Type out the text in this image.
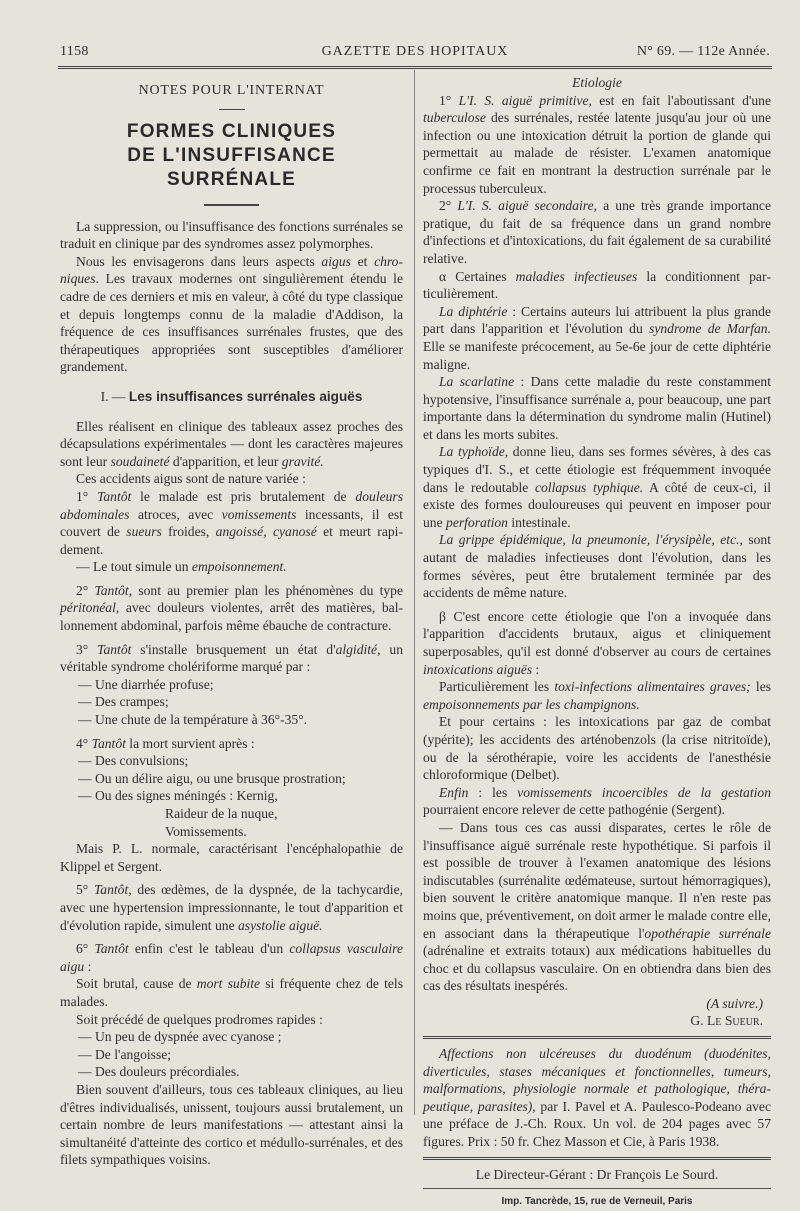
1158	GAZETTE DES HOPITAUX	N° 69. — 112e Année.
NOTES POUR L'INTERNAT
FORMES CLINIQUES
DE L'INSUFFISANCE SURRÉNALE

La suppression, ou l'insuffisance des fonctions surrénales se traduit en clinique par des syndromes assez polymorphes.

Nous les envisagerons dans leurs aspects aigus et chroniques. Les travaux modernes ont singulièrement étendu le cadre de ces derniers et mis en valeur, à côté du type classique et depuis longtemps connu de la maladie d'Addison, la fréquence de ces insuffisances surrénales frustes, que des thérapeutiques appropriées sont susceptibles d'améliorer grandement.

I. — Les insuffisances surrénales aiguës

Elles réalisent en clinique des tableaux assez proches des décapsulations expérimentales — dont les caractères majeures sont leur soudaineté d'apparition, et leur gravité.

Ces accidents aigus sont de nature variée :

1° Tantôt le malade est pris brutalement de douleurs abdominales atroces, avec vomissements incessants, il est couvert de sueurs froides, angoissé, cyanosé et meurt rapidement.

— Le tout simule un empoisonnement.

2° Tantôt, sont au premier plan les phénomènes du type péritonéal, avec douleurs violentes, arrêt des matières, ballonnement abdominal, parfois même ébauche de contracture.

3° Tantôt s'installe brusquement un état d'algidité, un véritable syndrome cholériforme marqué par :

— Une diarrhée profuse;
— Des crampes;
— Une chute de la température à 36°-35°.

4° Tantôt la mort survient après :

— Des convulsions;
— Ou un délire aigu, ou une brusque prostration;
— Ou des signes méningés : Kernig,
Raideur de la nuque,
Vomissements.

Mais P. L. normale, caractérisant l'encéphalopathie de Klippel et Sergent.

5° Tantôt, des œdèmes, de la dyspnée, de la tachycardie, avec une hypertension impressionnante, le tout d'apparition et d'évolution rapide, simulent une asystolie aiguë.

6° Tantôt enfin c'est le tableau d'un collapsus vasculaire aigu :

Soit brutal, cause de mort subite si fréquente chez de tels malades.

Soit précédé de quelques prodromes rapides :

— Un peu de dyspnée avec cyanose ;
— De l'angoisse;
— Des douleurs précordiales.

Bien souvent d'ailleurs, tous ces tableaux cliniques, au lieu d'êtres individualisés, unissent, toujours aussi brutalement, un certain nombre de leurs manifestations — attestant ainsi la simultanéité d'atteinte des cortico et médullo-surrénales, et des filets sympathiques voisins.

Etiologie

1° L'I. S. aiguë primitive, est en fait l'aboutissant d'une tuberculose des surrénales, restée latente jusqu'au jour où une infection ou une intoxication détruit la portion de glande qui permettait au malade de résister. L'examen anatomique confirme ce fait en montrant la destruction surrénale par le processus tuberculeux.

2° L'I. S. aiguë secondaire, a une très grande importance pratique, du fait de sa fréquence dans un grand nombre d'infections et d'intoxications, du fait également de sa curabilité relative.

α Certaines maladies infectieuses la conditionnent particulièrement.

La diphtérie : Certains auteurs lui attribuent la plus grande part dans l'apparition et l'évolution du syndrome de Marfan. Elle se manifeste précocement, au 5e-6e jour de cette diphtérie maligne.

La scarlatine : Dans cette maladie du reste constamment hypotensive, l'insuffisance surrénale a, pour beaucoup, une part importante dans la détermination du syndrome malin (Hutinel) et dans les morts subites.

La typhoïde, donne lieu, dans ses formes sévères, à des cas typiques d'I. S., et cette étiologie est fréquemment invoquée dans le redoutable collapsus typhique. A côté de ceux-ci, il existe des formes douloureuses qui peuvent en imposer pour une perforation intestinale.

La grippe épidémique, la pneumonie, l'érysipèle, etc., sont autant de maladies infectieuses dont l'évolution, dans les formes sévères, peut être brutalement terminée par des accidents de même nature.

β C'est encore cette étiologie que l'on a invoquée dans l'apparition d'accidents brutaux, aigus et cliniquement superposables, qu'il est donné d'observer au cours de certaines intoxications aiguës :

Particulièrement les toxi-infections alimentaires graves; les empoisonnements par les champignons.

Et pour certains : les intoxications par gaz de combat (ypérite); les accidents des arténobenzols (la crise nitritoïde), ou de la sérothérapie, voire les accidents de l'anesthésie chloroformique (Delbet).

Enfin : les vomissements incoercibles de la gestation pourraient encore relever de cette pathogénie (Sergent).

— Dans tous ces cas aussi disparates, certes le rôle de l'insuffisance aiguë surrénale reste hypothétique. Si parfois il est possible de trouver à l'examen anatomique des lésions indiscutables (surrénalite œdémateuse, surtout hémorragiques), bien souvent le critère anatomique manque. Il n'en reste pas moins que, préventivement, on doit armer le malade contre elle, en associant dans la thérapeutique l'opothérapie surrénale (adrénaline et extraits totaux) aux médications habituelles du choc et du collapsus vasculaire. On en obtiendra dans bien des cas des résultats inespérés.

(A suivre.)

G. Le Sueur.

Affections non ulcéreuses du duodénum (duodénites, diverticules, stases mécaniques et fonctionnelles, tumeurs, malformations, physiologie normale et pathologique, thérapeutique, parasites), par I. Pavel et A. Paulesco-Podeano avec une préface de J.-Ch. Roux. Un vol. de 204 pages avec 57 figures. Prix : 50 fr. Chez Masson et Cie, à Paris 1938.

Le Directeur-Gérant : Dr François Le Sourd.
Imp. Tancrède, 15, rue de Verneuil, Paris
